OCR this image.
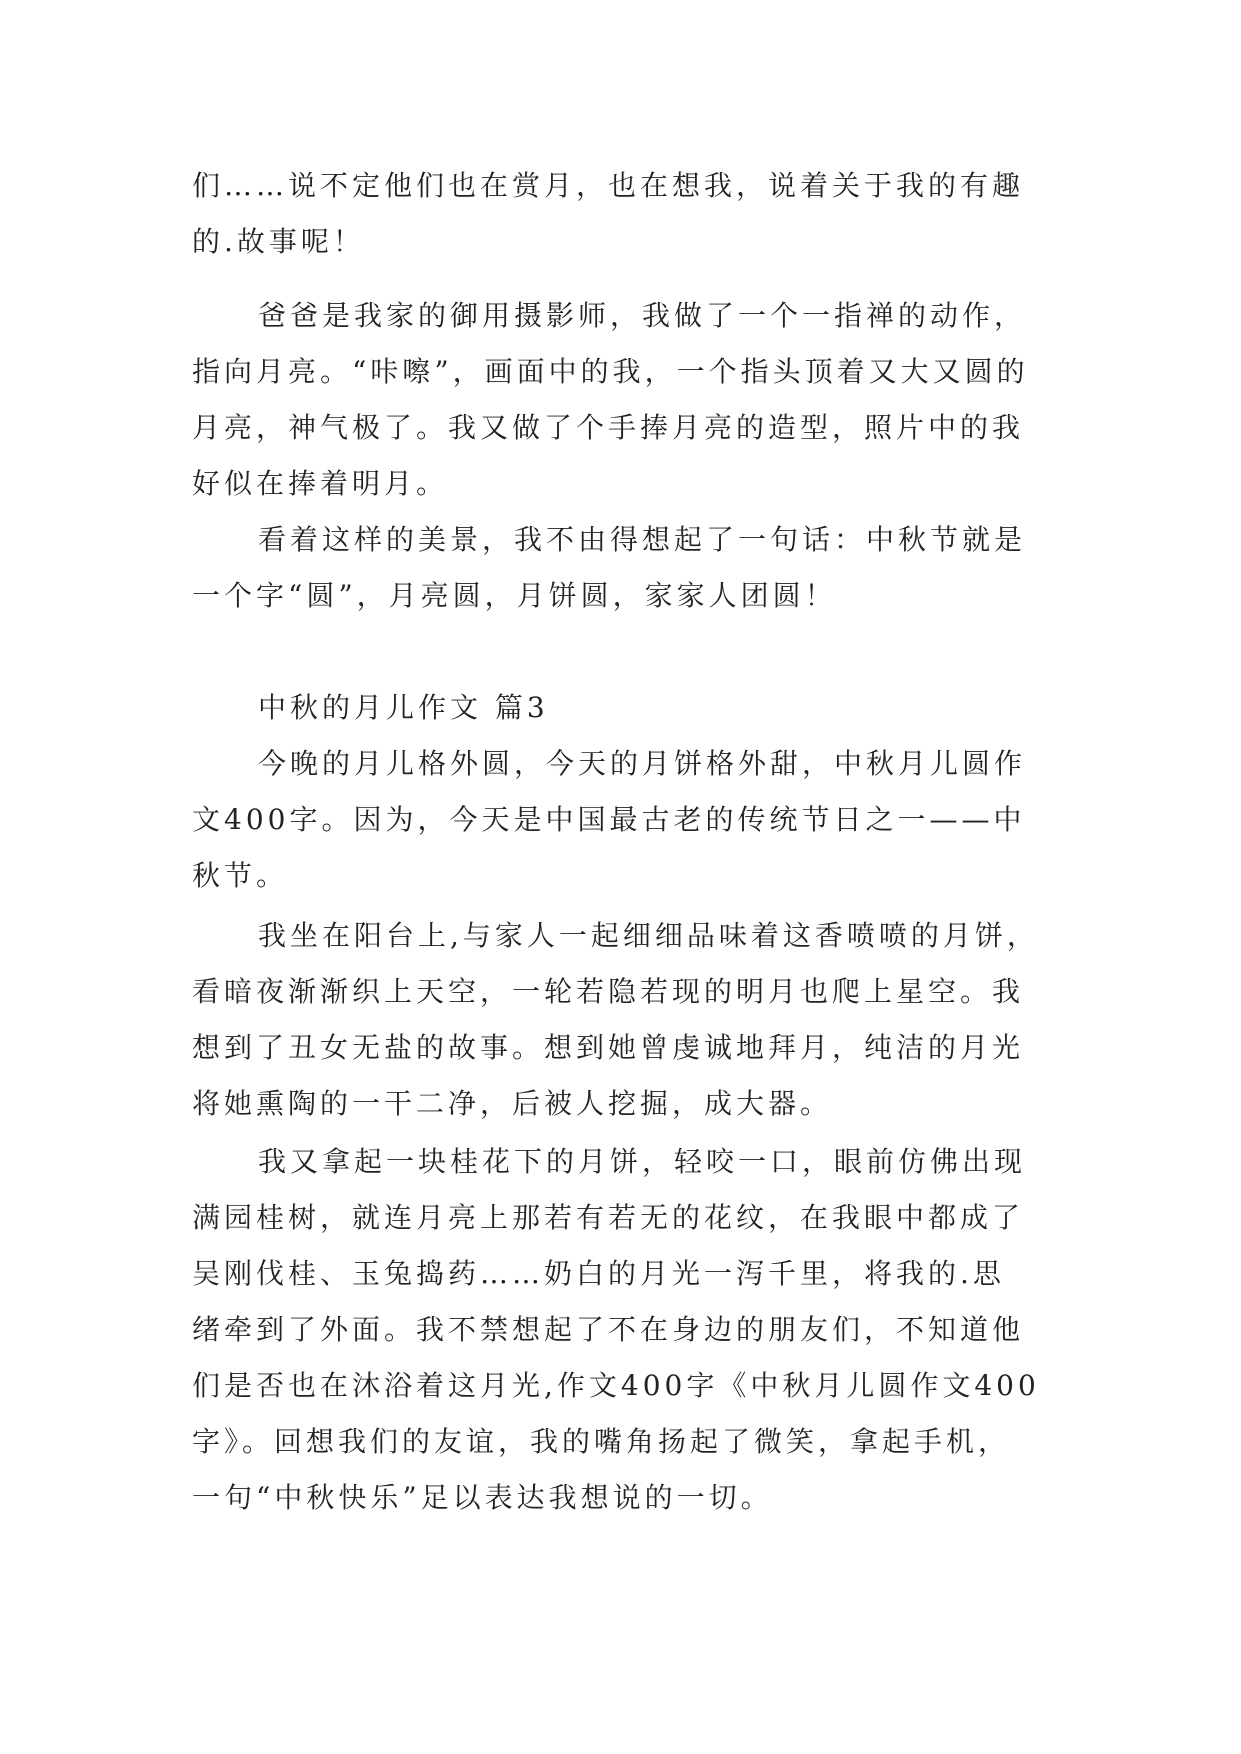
们……说不定他们也在赏月，也在想我，说着关于我的有趣
的.故事呢！
爸爸是我家的御用摄影师，我做了一个一指禅的动作，
指向月亮。“咔嚓”，画面中的我，一个指头顶着又大又圆的
月亮，神气极了。我又做了个手捧月亮的造型，照片中的我
好似在捧着明月。
看着这样的美景，我不由得想起了一句话：中秋节就是
一个字“圆”，月亮圆，月饼圆，家家人团圆！
中秋的月儿作文 篇3
今晚的月儿格外圆，今天的月饼格外甜，中秋月儿圆作
文400字。因为，今天是中国最古老的传统节日之一——中
秋节。
我坐在阳台上,与家人一起细细品味着这香喷喷的月饼，
看暗夜渐渐织上天空，一轮若隐若现的明月也爬上星空。我
想到了丑女无盐的故事。想到她曾虔诚地拜月，纯洁的月光
将她熏陶的一干二净，后被人挖掘，成大器。
我又拿起一块桂花下的月饼，轻咬一口，眼前仿佛出现
满园桂树，就连月亮上那若有若无的花纹，在我眼中都成了
吴刚伐桂、玉兔捣药……奶白的月光一泻千里，将我的.思
绪牵到了外面。我不禁想起了不在身边的朋友们，不知道他
们是否也在沐浴着这月光,作文400字《中秋月儿圆作文400
字》。回想我们的友谊，我的嘴角扬起了微笑，拿起手机，
一句“中秋快乐”足以表达我想说的一切。
